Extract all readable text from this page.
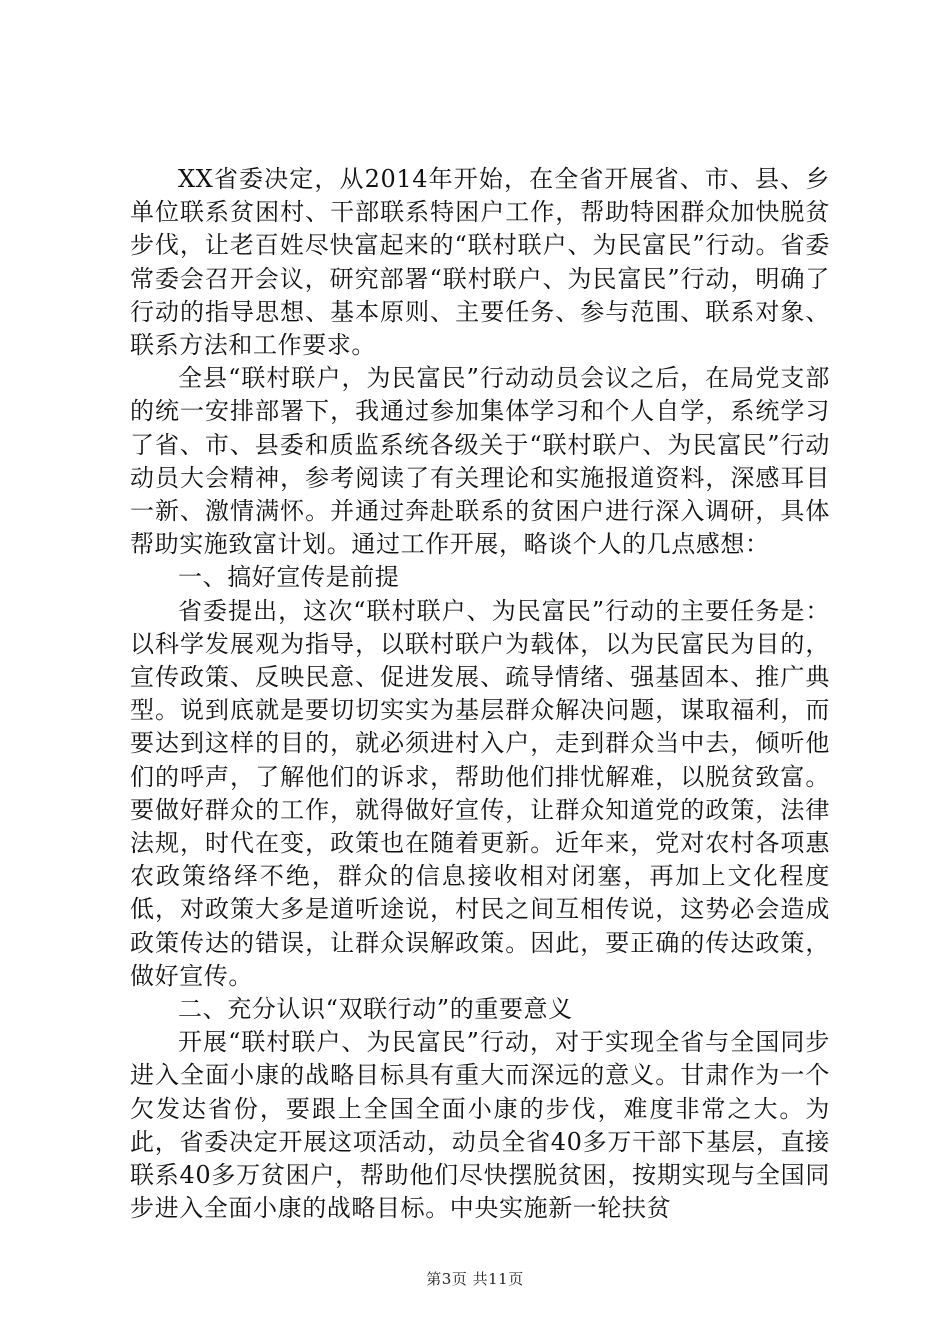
XX省委决定，从2014年开始，在全省开展省、市、县、乡单位联系贫困村、干部联系特困户工作，帮助特困群众加快脱贫步伐，让老百姓尽快富起来的“联村联户、为民富民”行动。省委常委会召开会议，研究部署“联村联户、为民富民”行动，明确了行动的指导思想、基本原则、主要任务、参与范围、联系对象、联系方法和工作要求。

全县“联村联户，为民富民”行动动员会议之后，在局党支部的统一安排部署下，我通过参加集体学习和个人自学，系统学习了省、市、县委和质监系统各级关于“联村联户、为民富民”行动动员大会精神，参考阅读了有关理论和实施报道资料，深感耳目一新、激情满怀。并通过奔赴联系的贫困户进行深入调研，具体帮助实施致富计划。通过工作开展，略谈个人的几点感想：

一、搞好宣传是前提

省委提出，这次“联村联户、为民富民”行动的主要任务是：以科学发展观为指导，以联村联户为载体，以为民富民为目的，宣传政策、反映民意、促进发展、疏导情绪、强基固本、推广典型。说到底就是要切切实实为基层群众解决问题，谋取福利，而要达到这样的目的，就必须进村入户，走到群众当中去，倾听他们的呼声，了解他们的诉求，帮助他们排忧解难，以脱贫致富。要做好群众的工作，就得做好宣传，让群众知道党的政策，法律法规，时代在变，政策也在随着更新。近年来，党对农村各项惠农政策络绎不绝，群众的信息接收相对闭塞，再加上文化程度低，对政策大多是道听途说，村民之间互相传说，这势必会造成政策传达的错误，让群众误解政策。因此，要正确的传达政策，做好宣传。

二、充分认识“双联行动”的重要意义

开展“联村联户、为民富民”行动，对于实现全省与全国同步进入全面小康的战略目标具有重大而深远的意义。甘肃作为一个欠发达省份，要跟上全国全面小康的步伐，难度非常之大。为此，省委决定开展这项活动，动员全省40多万干部下基层，直接联系40多万贫困户，帮助他们尽快摆脱贫困，按期实现与全国同步进入全面小康的战略目标。中央实施新一轮扶贫

第3页 共11页
